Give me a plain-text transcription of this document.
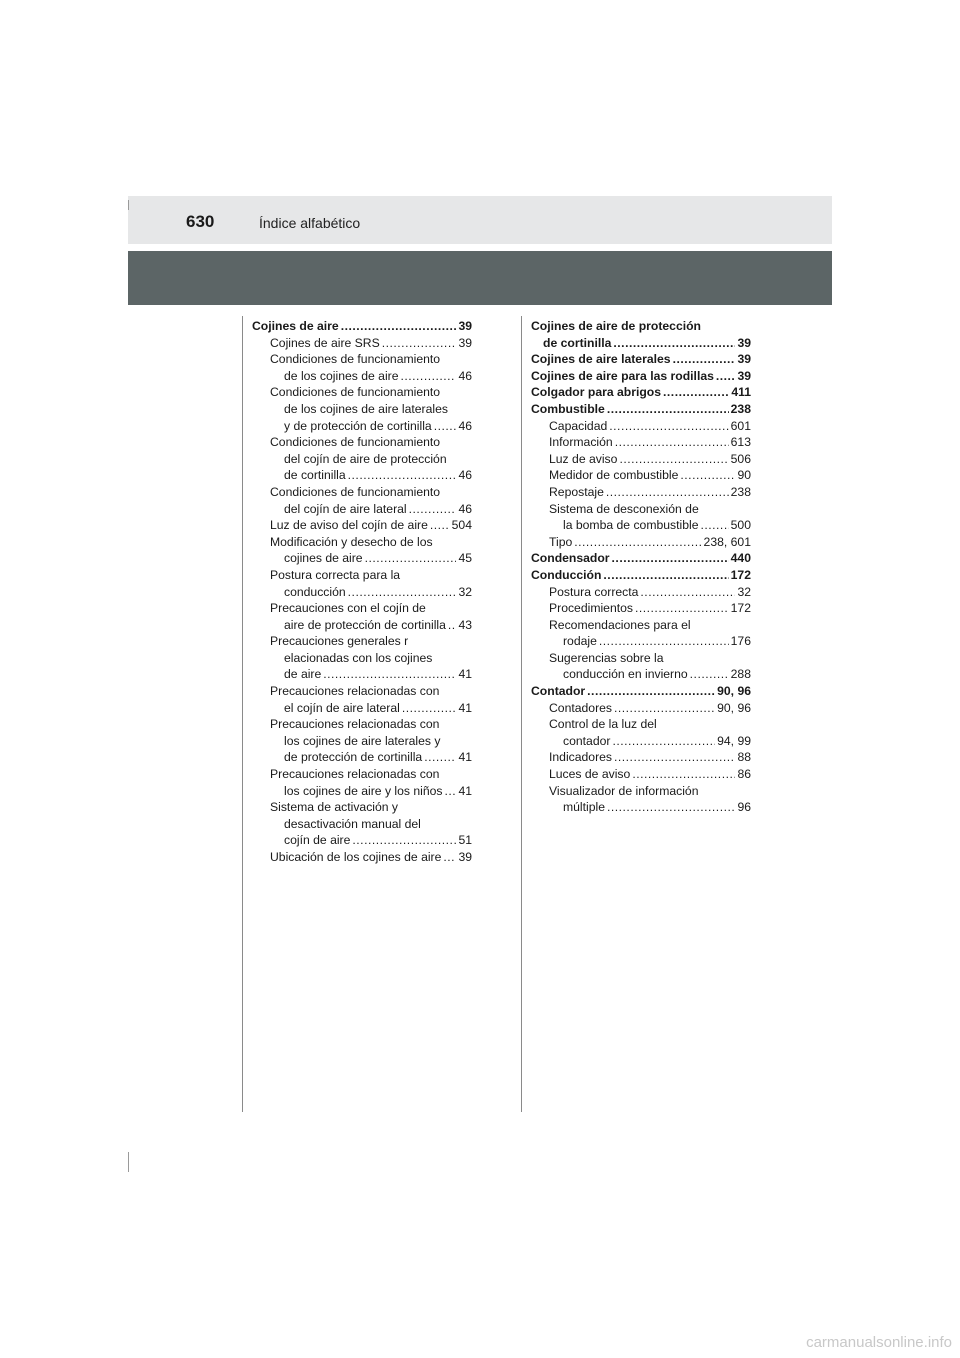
630	Índice alfabético
Cojines de aire .....	39
Cojines de aire SRS .....	39
Condiciones de funcionamiento
de los cojines de aire .....	46
Condiciones de funcionamiento
de los cojines de aire laterales
y de protección de cortinilla ..... 46
Condiciones de funcionamiento
del cojín de aire de protección
de cortinilla .....	46
Condiciones de funcionamiento
del cojín de aire lateral .....	46
Luz de aviso del cojín de aire ..... 504
Modificación y desecho de los
cojines de aire .....	45
Postura correcta para la
conducción .....	32
Precauciones con el cojín de
aire de protección de cortinilla ..... 43
Precauciones generales r
elacionadas con los cojines
de aire .....	41
Precauciones relacionadas con
el cojín de aire lateral .....	41
Precauciones relacionadas con
los cojines de aire laterales y
de protección de cortinilla .....	41
Precauciones relacionadas con
los cojines de aire y los niños ..... 41
Sistema de activación y
desactivación manual del
cojín de aire .....	51
Ubicación de los cojines de aire ..... 39
Cojines de aire de protección
de cortinilla .....	39
Cojines de aire laterales .....	39
Cojines de aire para las rodillas ..... 39
Colgador para abrigos .....	411
Combustible .....	238
Capacidad .....	601
Información .....	613
Luz de aviso .....	506
Medidor de combustible .....	90
Repostaje .....	238
Sistema de desconexión de
la bomba de combustible .....	500
Tipo .....	238, 601
Condensador .....	440
Conducción .....	172
Postura correcta .....	32
Procedimientos .....	172
Recomendaciones para el
rodaje .....	176
Sugerencias sobre la
conducción en invierno .....	288
Contador .....	90, 96
Contadores .....	90, 96
Control de la luz del
contador .....	94, 99
Indicadores .....	88
Luces de aviso .....	86
Visualizador de información
múltiple .....	96
carmanualsonline.info
